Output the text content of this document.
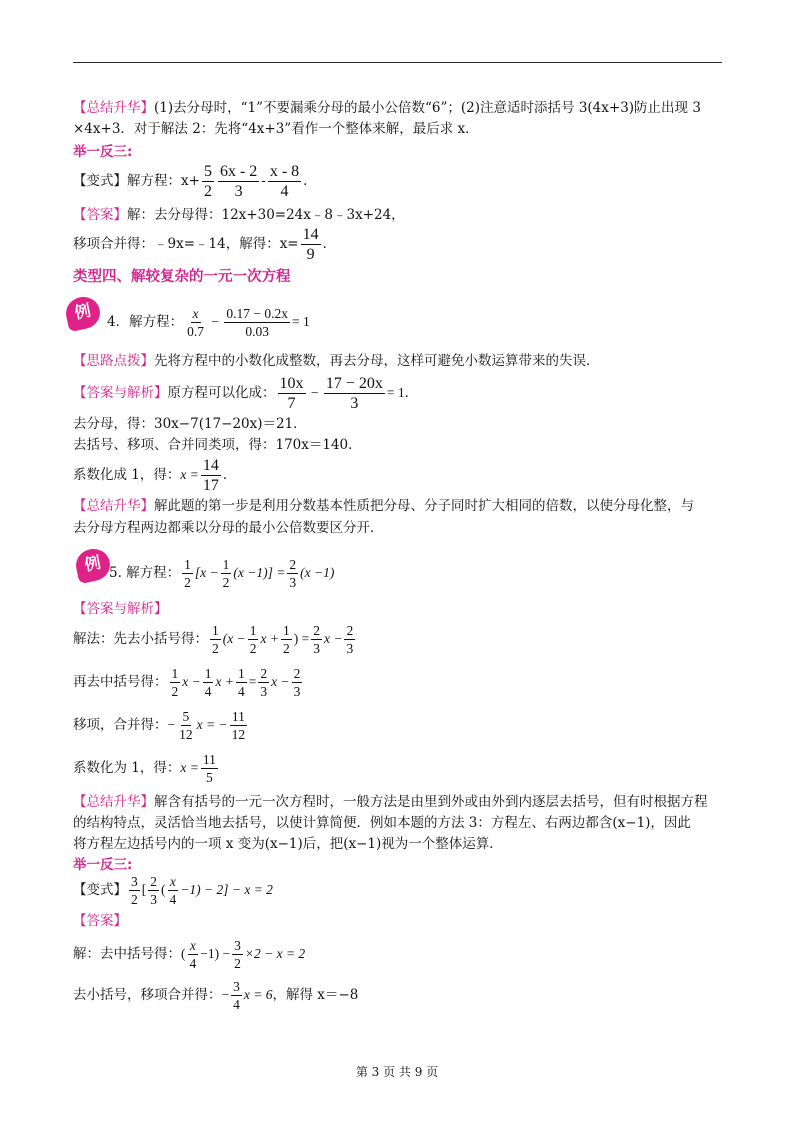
【总结升华】(1)去分母时，“1”不要漏乘分母的最小公倍数“6”；(2)注意适时添括号 3(4x+3)防止出现 3
×4x+3．对于解法 2：先将“4x+3”看作一个整体来解，最后求 x．
举一反三:
【变式】解方程：$x+ \frac{5}{2} \frac{6x - 2}{3} - \frac{x - 8}{4}$ ．
【答案】解：去分母得：12x+30=24x﹣8﹣3x+24，
移项合并得：﹣9x=﹣14，解得：$x= \frac{14}{9}$ ．
类型四、解较复杂的一元一次方程
例	4．解方程： $\frac{x}{0.7} - \frac{0.17 - 0.2x}{0.03} = 1$
【思路点拨】先将方程中的小数化成整数，再去分母，这样可避免小数运算带来的失误．
【答案与解析】原方程可以化成： $\frac{10x}{7} - \frac{17 - 20x}{3} = 1$．
去分母，得：30x−7(17−20x)＝21．
去括号、移项、合并同类项，得：170x＝140．
系数化成 1，得：$x = \frac{14}{17}$ ．
【总结升华】解此题的第一步是利用分数基本性质把分母、分子同时扩大相同的倍数，以使分母化整，与
去分母方程两边都乘以分母的最小公倍数要区分开．
例 5. 解方程： $\frac{1}{2} [x - \frac{1}{2} (x -1)] = \frac{2}{3} (x -1)$
【答案与解析】
解法：先去小括号得： $\frac{1}{2} (x - \frac{1}{2}$ $x + \frac{1}{2}$ ) = $\frac{2}{3}$ $x - \frac{2}{3}$
再去中括号得： $\frac{1}{2}$ $x - \frac{1}{4}$ $x + \frac{1}{4} = \frac{2}{3}$ $x - \frac{2}{3}$
移项，合并得：− $\frac{5}{12}$ x = − $\frac{11}{12}$
系数化为 1，得：$x = \frac{11}{5}$
【总结升华】解含有括号的一元一次方程时，一般方法是由里到外或由外到内逐层去括号，但有时根据方程
的结构特点，灵活恰当地去括号，以使计算简便．例如本题的方法 3：方程左、右两边都含(x−1)，因此
将方程左边括号内的一项 x 变为(x−1)后，把(x−1)视为一个整体运算．
举一反三:
【变式】 $\frac{3}{2}$ [ $\frac{2}{3}$ ( $\frac{x}{4} -1) - 2] - x = 2$
【答案】
解：去中括号得：( $\frac{x}{4} -1) - \frac{3}{2} \times 2 - x = 2$
去小括号，移项合并得：− $\frac{3}{4}$ x = 6，解得 x＝−8
第 3 页 共 9 页
